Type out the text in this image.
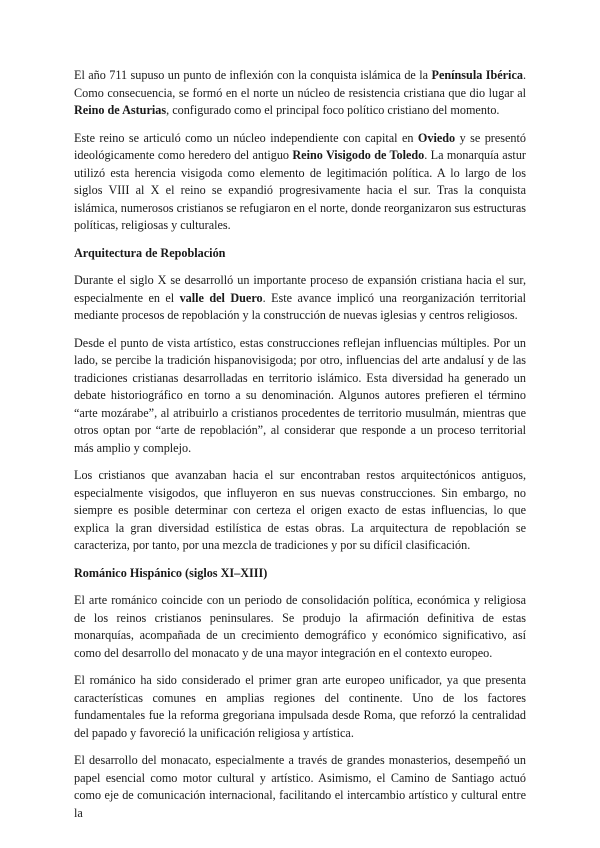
El año 711 supuso un punto de inflexión con la conquista islámica de la Península Ibérica. Como consecuencia, se formó en el norte un núcleo de resistencia cristiana que dio lugar al Reino de Asturias, configurado como el principal foco político cristiano del momento.

Este reino se articuló como un núcleo independiente con capital en Oviedo y se presentó ideológicamente como heredero del antiguo Reino Visigodo de Toledo. La monarquía astur utilizó esta herencia visigoda como elemento de legitimación política. A lo largo de los siglos VIII al X el reino se expandió progresivamente hacia el sur. Tras la conquista islámica, numerosos cristianos se refugiaron en el norte, donde reorganizaron sus estructuras políticas, religiosas y culturales.

Arquitectura de Repoblación

Durante el siglo X se desarrolló un importante proceso de expansión cristiana hacia el sur, especialmente en el valle del Duero. Este avance implicó una reorganización territorial mediante procesos de repoblación y la construcción de nuevas iglesias y centros religiosos.

Desde el punto de vista artístico, estas construcciones reflejan influencias múltiples. Por un lado, se percibe la tradición hispanovisigoda; por otro, influencias del arte andalusí y de las tradiciones cristianas desarrolladas en territorio islámico. Esta diversidad ha generado un debate historiográfico en torno a su denominación. Algunos autores prefieren el término “arte mozárabe”, al atribuirlo a cristianos procedentes de territorio musulmán, mientras que otros optan por “arte de repoblación”, al considerar que responde a un proceso territorial más amplio y complejo.

Los cristianos que avanzaban hacia el sur encontraban restos arquitectónicos antiguos, especialmente visigodos, que influyeron en sus nuevas construcciones. Sin embargo, no siempre es posible determinar con certeza el origen exacto de estas influencias, lo que explica la gran diversidad estilística de estas obras. La arquitectura de repoblación se caracteriza, por tanto, por una mezcla de tradiciones y por su difícil clasificación.

Románico Hispánico (siglos XI–XIII)

El arte románico coincide con un periodo de consolidación política, económica y religiosa de los reinos cristianos peninsulares. Se produjo la afirmación definitiva de estas monarquías, acompañada de un crecimiento demográfico y económico significativo, así como del desarrollo del monacato y de una mayor integración en el contexto europeo.

El románico ha sido considerado el primer gran arte europeo unificador, ya que presenta características comunes en amplias regiones del continente. Uno de los factores fundamentales fue la reforma gregoriana impulsada desde Roma, que reforzó la centralidad del papado y favoreció la unificación religiosa y artística.

El desarrollo del monacato, especialmente a través de grandes monasterios, desempeñó un papel esencial como motor cultural y artístico. Asimismo, el Camino de Santiago actuó como eje de comunicación internacional, facilitando el intercambio artístico y cultural entre la
